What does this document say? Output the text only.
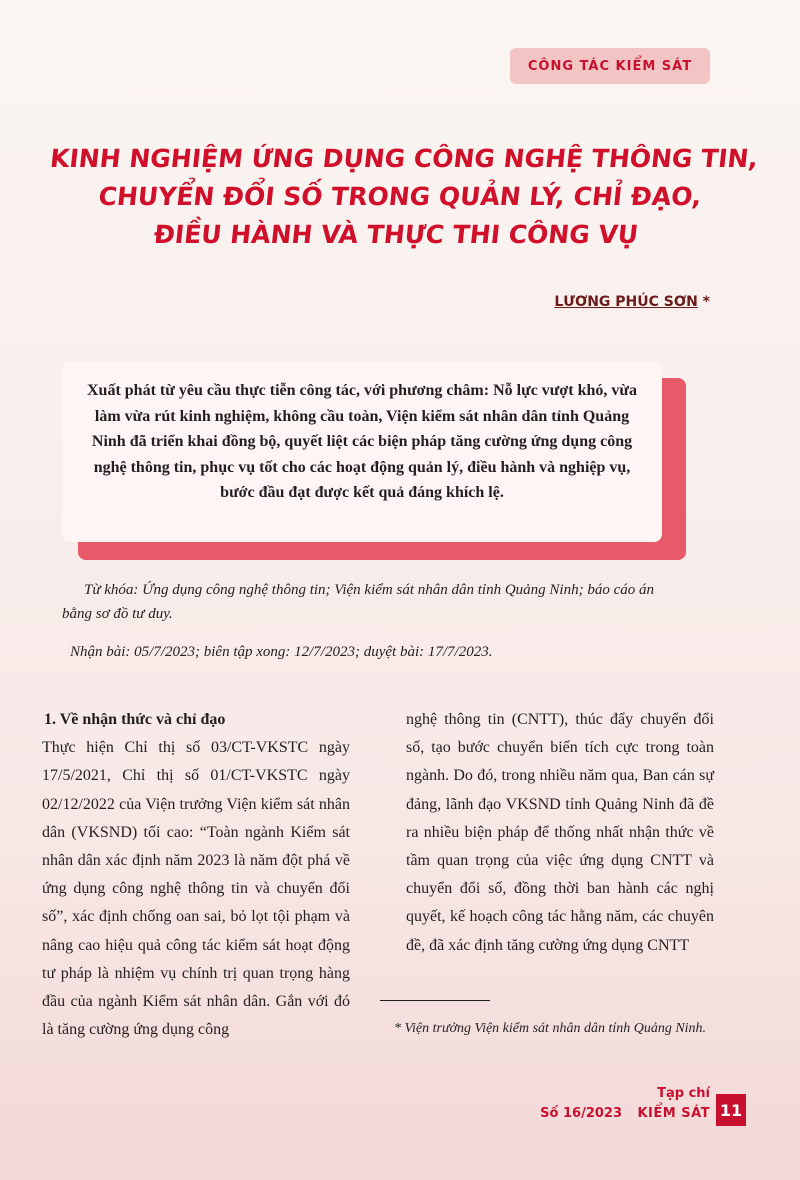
CÔNG TÁC KIỂM SÁT
KINH NGHIỆM ỨNG DỤNG CÔNG NGHỆ THÔNG TIN,
CHUYỂN ĐỔI SỐ TRONG QUẢN LÝ, CHỈ ĐẠO,
ĐIỀU HÀNH VÀ THỰC THI CÔNG VỤ
LƯƠNG PHÚC SƠN *
Xuất phát từ yêu cầu thực tiễn công tác, với phương châm: Nỗ lực vượt khó, vừa làm vừa rút kinh nghiệm, không cầu toàn, Viện kiểm sát nhân dân tỉnh Quảng Ninh đã triển khai đồng bộ, quyết liệt các biện pháp tăng cường ứng dụng công nghệ thông tin, phục vụ tốt cho các hoạt động quản lý, điều hành và nghiệp vụ, bước đầu đạt được kết quả đáng khích lệ.
Từ khóa: Ứng dụng công nghệ thông tin; Viện kiểm sát nhân dân tỉnh Quảng Ninh; báo cáo án bằng sơ đồ tư duy.
Nhận bài: 05/7/2023; biên tập xong: 12/7/2023; duyệt bài: 17/7/2023.
1. Về nhận thức và chỉ đạo
Thực hiện Chỉ thị số 03/CT-VKSTC ngày 17/5/2021, Chỉ thị số 01/CT-VKSTC ngày 02/12/2022 của Viện trưởng Viện kiểm sát nhân dân (VKSND) tối cao: “Toàn ngành Kiểm sát nhân dân xác định năm 2023 là năm đột phá về ứng dụng công nghệ thông tin và chuyển đổi số”, xác định chống oan sai, bỏ lọt tội phạm và nâng cao hiệu quả công tác kiểm sát hoạt động tư pháp là nhiệm vụ chính trị quan trọng hàng đầu của ngành Kiểm sát nhân dân. Gắn với đó là tăng cường ứng dụng công
nghệ thông tin (CNTT), thúc đẩy chuyển đổi số, tạo bước chuyển biến tích cực trong toàn ngành. Do đó, trong nhiều năm qua, Ban cán sự đảng, lãnh đạo VKSND tỉnh Quảng Ninh đã đề ra nhiều biện pháp để thống nhất nhận thức về tầm quan trọng của việc ứng dụng CNTT và chuyển đổi số, đồng thời ban hành các nghị quyết, kế hoạch công tác hằng năm, các chuyên đề, đã xác định tăng cường ứng dụng CNTT
* Viện trưởng Viện kiểm sát nhân dân tỉnh Quảng Ninh.
Tạp chí
Số 16/2023 KIỂM SÁT 11
